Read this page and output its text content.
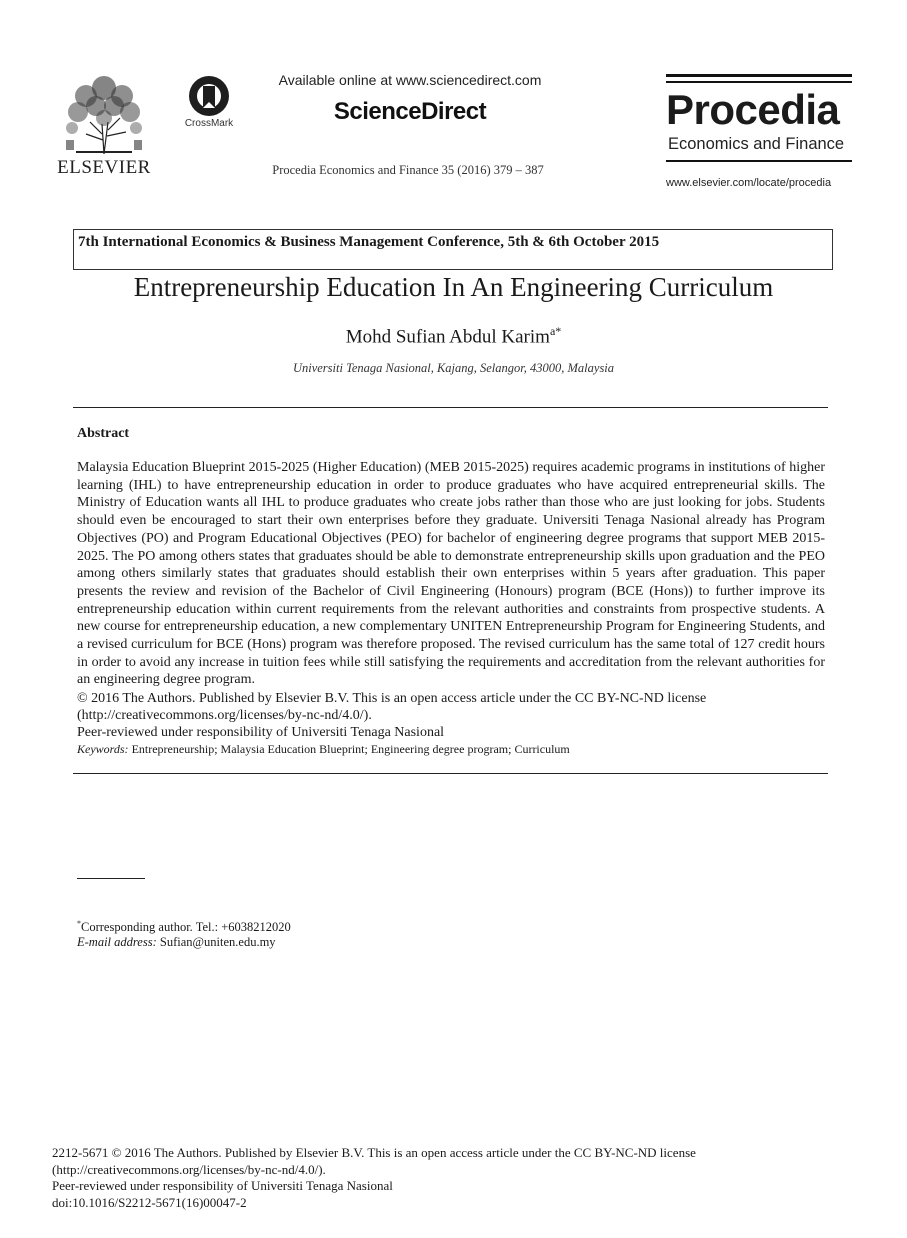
ELSEVIER
CrossMark
Available online at www.sciencedirect.com
ScienceDirect
Procedia Economics and Finance 35 (2016) 379 – 387
Procedia
Economics and Finance
www.elsevier.com/locate/procedia
7th International Economics & Business Management Conference, 5th & 6th October 2015
Entrepreneurship Education In An Engineering Curriculum
Mohd Sufian Abdul Karim$^{a*}$
Universiti Tenaga Nasional, Kajang, Selangor, 43000, Malaysia
Abstract
Malaysia Education Blueprint 2015-2025 (Higher Education) (MEB 2015-2025) requires academic programs in institutions of higher learning (IHL) to have entrepreneurship education in order to produce graduates who have acquired entrepreneurial skills. The Ministry of Education wants all IHL to produce graduates who create jobs rather than those who are just looking for jobs. Students should even be encouraged to start their own enterprises before they graduate. Universiti Tenaga Nasional already has Program Objectives (PO) and Program Educational Objectives (PEO) for bachelor of engineering degree programs that support MEB 2015-2025. The PO among others states that graduates should be able to demonstrate entrepreneurship skills upon graduation and the PEO among others similarly states that graduates should establish their own enterprises within 5 years after graduation. This paper presents the review and revision of the Bachelor of Civil Engineering (Honours) program (BCE (Hons)) to further improve its entrepreneurship education within current requirements from the relevant authorities and constraints from prospective students. A new course for entrepreneurship education, a new complementary UNITEN Entrepreneurship Program for Engineering Students, and a revised curriculum for BCE (Hons) program was therefore proposed. The revised curriculum has the same total of 127 credit hours in order to avoid any increase in tuition fees while still satisfying the requirements and accreditation from the relevant authorities for an engineering degree program.
© 2016 The Authors. Published by Elsevier B.V. This is an open access article under the CC BY-NC-ND license
(http://creativecommons.org/licenses/by-nc-nd/4.0/).
Peer-reviewed under responsibility of Universiti Tenaga Nasional
Keywords: Entrepreneurship; Malaysia Education Blueprint; Engineering degree program; Curriculum
*Corresponding author. Tel.: +6038212020
E-mail address: Sufian@uniten.edu.my
2212-5671 © 2016 The Authors. Published by Elsevier B.V. This is an open access article under the CC BY-NC-ND license
(http://creativecommons.org/licenses/by-nc-nd/4.0/).
Peer-reviewed under responsibility of Universiti Tenaga Nasional
doi:10.1016/S2212-5671(16)00047-2
